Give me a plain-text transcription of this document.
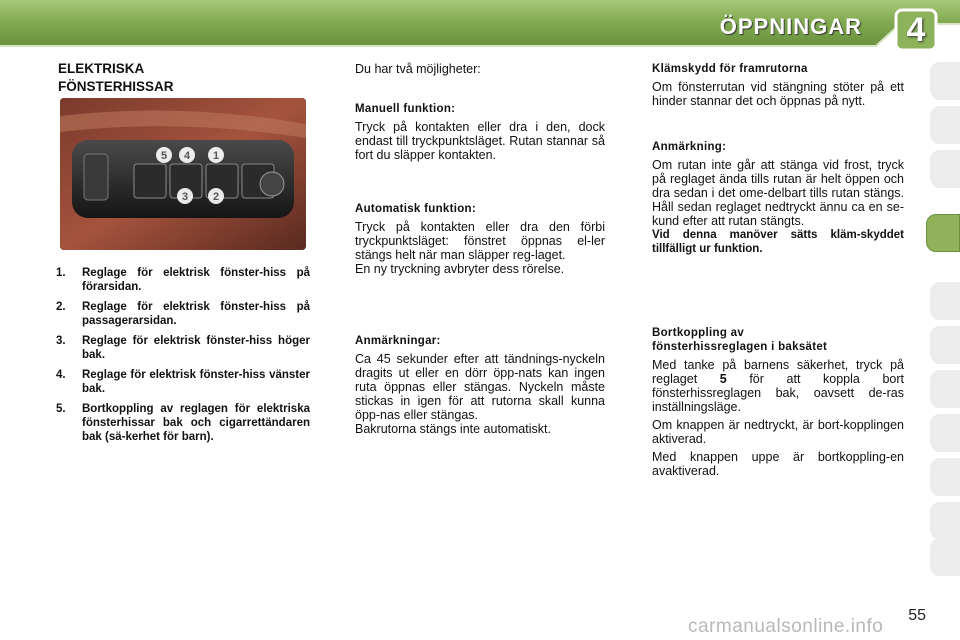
ÖPPNINGAR	4
ELEKTRISKA
FÖNSTERHISSAR
5 4 1
3 2
1.	Reglage för elektrisk fönster-hiss på förarsidan.
2.	Reglage för elektrisk fönster-hiss på passagerarsidan.
3.	Reglage för elektrisk fönster-hiss höger bak.
4.	Reglage för elektrisk fönster-hiss vänster bak.
5.	Bortkoppling av reglagen för elektriska fönsterhissar bak och cigarrettändaren bak (sä-kerhet för barn).

Du har två möjligheter:

Manuell funktion:

Tryck på kontakten eller dra i den, dock endast till tryckpunktsläget. Rutan stannar så fort du släpper kontakten.

Automatisk funktion:

Tryck på kontakten eller dra den förbi tryckpunktsläget: fönstret öppnas el-ler stängs helt när man släpper reg-laget.

En ny tryckning avbryter dess rörelse.

Anmärkningar:

Ca 45 sekunder efter att tändnings-nyckeln dragits ut eller en dörr öpp-nats kan ingen ruta öppnas eller stängas. Nyckeln måste stickas in igen för att rutorna skall kunna öpp-nas eller stängas.

Bakrutorna stängs inte automatiskt.

Klämskydd för framrutorna

Om fönsterrutan vid stängning stöter på ett hinder stannar det och öppnas på nytt.

Anmärkning:

Om rutan inte går att stänga vid frost, tryck på reglaget ända tills rutan är helt öppen och dra sedan i det ome-delbart tills rutan stängs. Håll sedan reglaget nedtryckt ännu ca en se-kund efter att rutan stängts.

Vid denna manöver sätts kläm-skyddet tillfälligt ur funktion.

Bortkoppling av
fönsterhissreglagen i baksätet

Med tanke på barnens säkerhet, tryck på reglaget 5 för att koppla bort fönsterhissreglagen bak, oavsett de-ras inställningsläge.

Om knappen är nedtryckt, är bort-kopplingen aktiverad.

Med knappen uppe är bortkoppling-en avaktiverad.

55
carmanualsonline.info
